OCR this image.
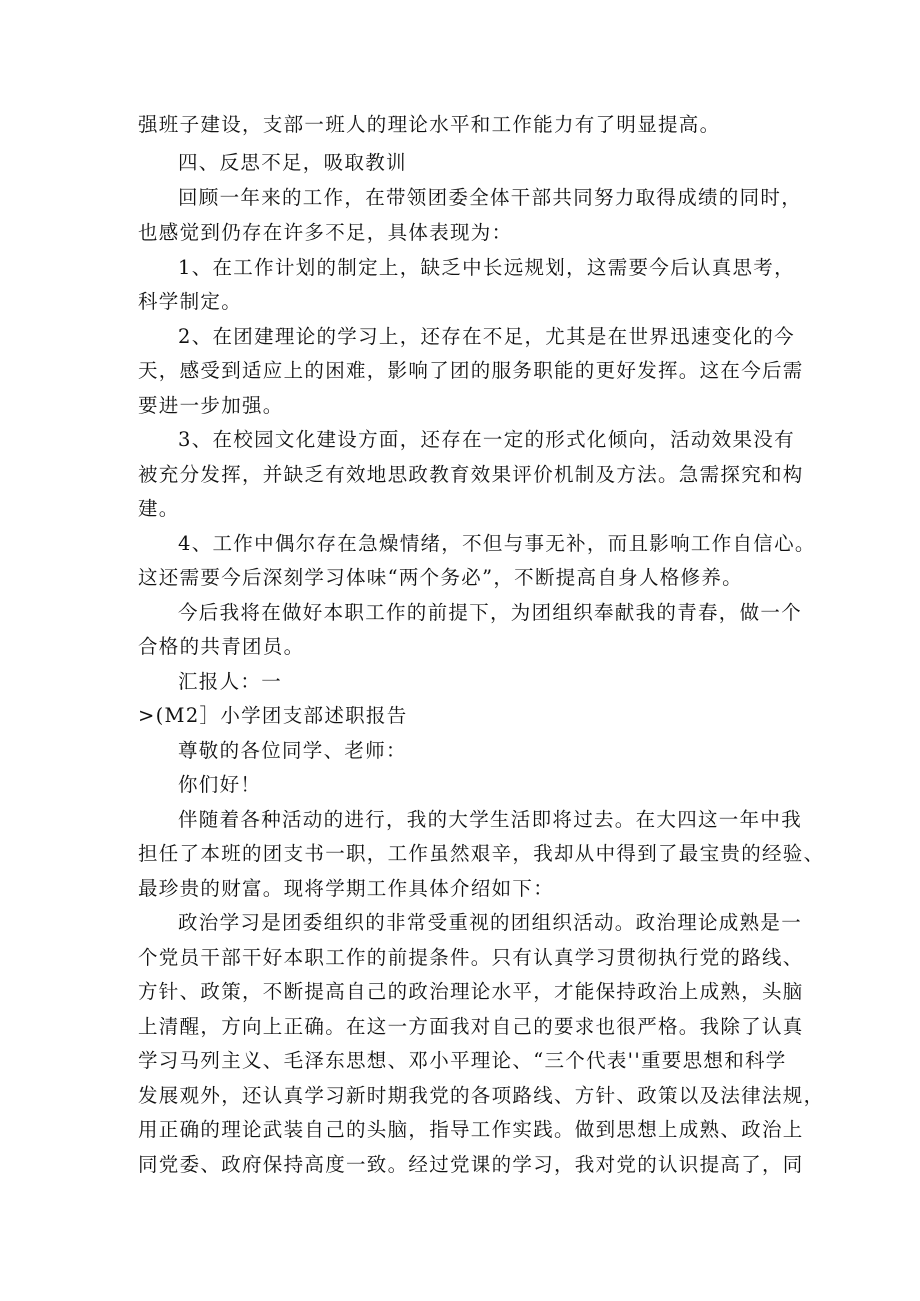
强班子建设，支部一班人的理论水平和工作能力有了明显提高。

四、反思不足，吸取教训

回顾一年来的工作，在带领团委全体干部共同努力取得成绩的同时，

也感觉到仍存在许多不足，具体表现为：

1、在工作计划的制定上，缺乏中长远规划，这需要今后认真思考，

科学制定。

2、在团建理论的学习上，还存在不足，尤其是在世界迅速变化的今

天，感受到适应上的困难，影响了团的服务职能的更好发挥。这在今后需

要进一步加强。

3、在校园文化建设方面，还存在一定的形式化倾向，活动效果没有

被充分发挥，并缺乏有效地思政教育效果评价机制及方法。急需探究和构

建。

4、工作中偶尔存在急燥情绪，不但与事无补，而且影响工作自信心。

这还需要今后深刻学习体味“两个务必”，不断提高自身人格修养。

今后我将在做好本职工作的前提下，为团组织奉献我的青春，做一个

合格的共青团员。

汇报人：一

>(M2］小学团支部述职报告

尊敬的各位同学、老师：

你们好！

伴随着各种活动的进行，我的大学生活即将过去。在大四这一年中我

担任了本班的团支书一职，工作虽然艰辛，我却从中得到了最宝贵的经验、

最珍贵的财富。现将学期工作具体介绍如下：

政治学习是团委组织的非常受重视的团组织活动。政治理论成熟是一

个党员干部干好本职工作的前提条件。只有认真学习贯彻执行党的路线、

方针、政策，不断提高自己的政治理论水平，才能保持政治上成熟，头脑

上清醒，方向上正确。在这一方面我对自己的要求也很严格。我除了认真

学习马列主义、毛泽东思想、邓小平理论、“三个代表''重要思想和科学

发展观外，还认真学习新时期我党的各项路线、方针、政策以及法律法规，

用正确的理论武装自己的头脑，指导工作实践。做到思想上成熟、政治上

同党委、政府保持高度一致。经过党课的学习，我对党的认识提高了，同
